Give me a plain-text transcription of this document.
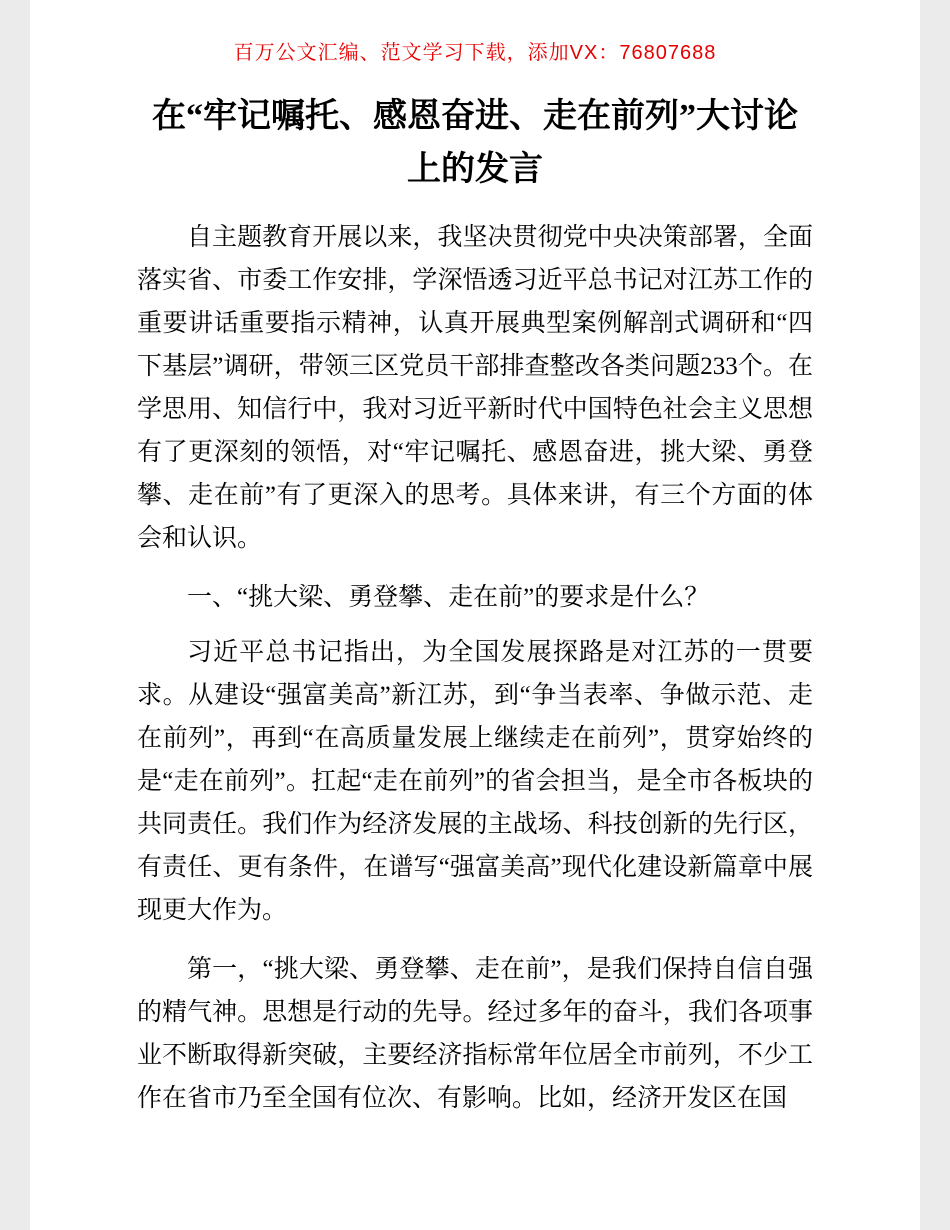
百万公文汇编、范文学习下载，添加VX：76807688
在“牢记嘱托、感恩奋进、走在前列”大讨论上的发言

自主题教育开展以来，我坚决贯彻党中央决策部署，全面落实省、市委工作安排，学深悟透习近平总书记对江苏工作的重要讲话重要指示精神，认真开展典型案例解剖式调研和“四下基层”调研，带领三区党员干部排查整改各类问题233个。在学思用、知信行中，我对习近平新时代中国特色社会主义思想有了更深刻的领悟，对“牢记嘱托、感恩奋进，挑大梁、勇登攀、走在前”有了更深入的思考。具体来讲，有三个方面的体会和认识。

一、“挑大梁、勇登攀、走在前”的要求是什么？

习近平总书记指出，为全国发展探路是对江苏的一贯要求。从建设“强富美高”新江苏，到“争当表率、争做示范、走在前列”，再到“在高质量发展上继续走在前列”，贯穿始终的是“走在前列”。扛起“走在前列”的省会担当，是全市各板块的共同责任。我们作为经济发展的主战场、科技创新的先行区，有责任、更有条件，在谱写“强富美高”现代化建设新篇章中展现更大作为。

第一，“挑大梁、勇登攀、走在前”，是我们保持自信自强的精气神。思想是行动的先导。经过多年的奋斗，我们各项事业不断取得新突破，主要经济指标常年位居全市前列，不少工作在省市乃至全国有位次、有影响。比如，经济开发区在国
